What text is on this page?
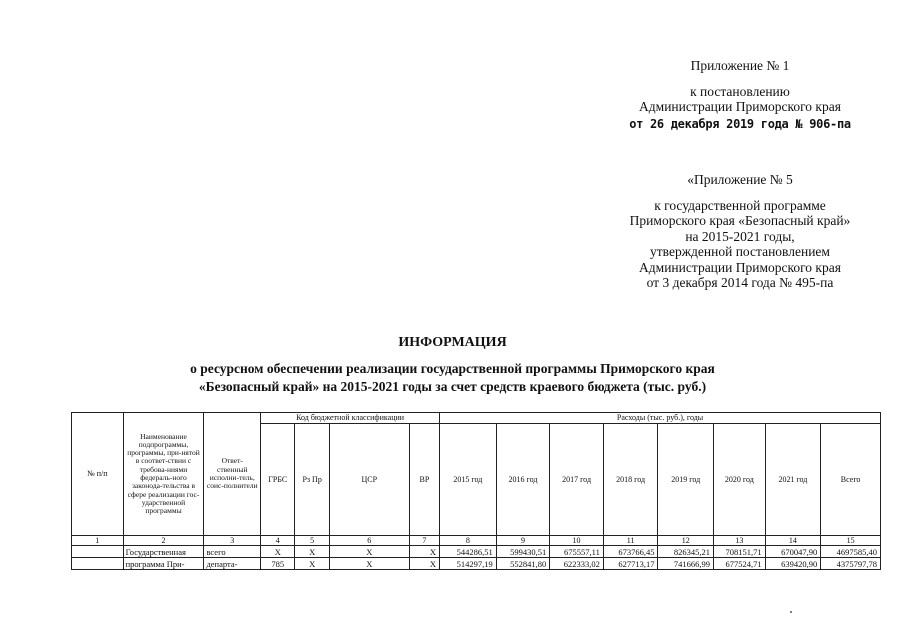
Приложение № 1
к постановлению
Администрации Приморского края
от 26 декабря 2019 года № 906-па
«Приложение № 5
к государственной программе
Приморского края «Безопасный край»
на 2015-2021 годы,
утвержденной постановлением
Администрации Приморского края
от 3 декабря 2014 года № 495-па
ИНФОРМАЦИЯ
о ресурсном обеспечении реализации государственной программы Приморского края
«Безопасный край» на 2015-2021 годы за счет средств краевого бюджета (тыс. руб.)
№ п/п	Наименование подпрограммы, программы, при-нятой в соответ-ствии с требова-ниями федераль-ного законода-тельства в сфере реализации гос-ударственной программы	Ответ-ственный исполни-тель, соис-полнители	Код бюджетной классификации				Расходы (тыс. руб.), годы							
			ГРБС	Рз Пр	ЦСР	ВР	2015 год	2016 год	2017 год	2018 год	2019 год	2020 год	2021 год	Всего
1	2	3	4	5	6	7	8	9	10	11	12	13	14	15
	Государственная	всего	X	X	X	X	544286,51	599430,51	675557,11	673766,45	826345,21	708151,71	670047,90	4697585,40
	программа При-	департа-	785	X	X	X	514297,19	552841,80	622333,02	627713,17	741666,99	677524,71	639420,90	4375797,78
